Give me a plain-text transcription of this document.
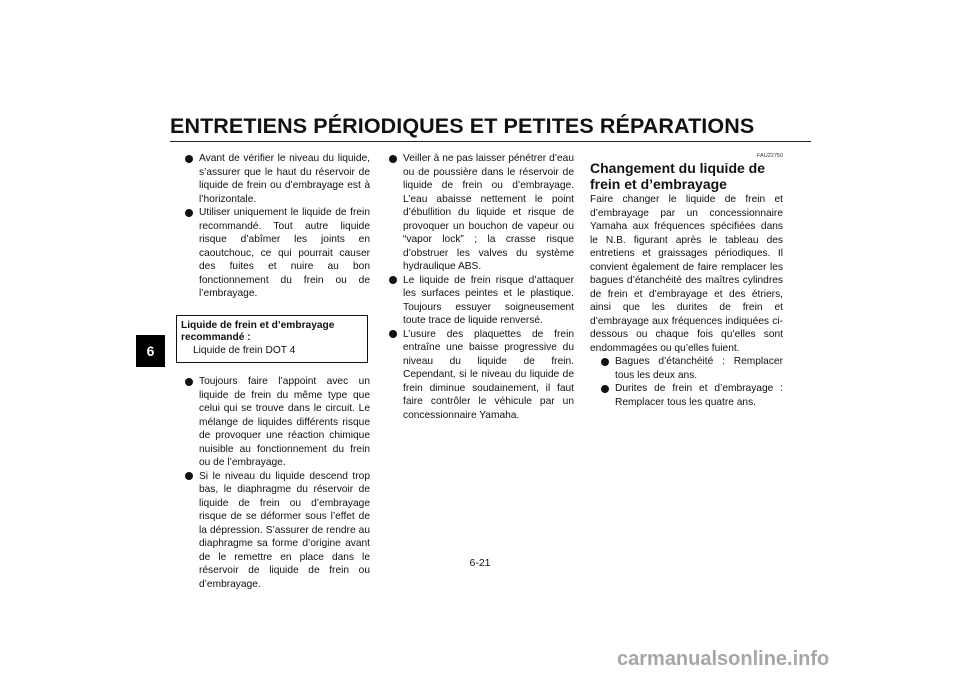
ENTRETIENS PÉRIODIQUES ET PETITES RÉPARATIONS
6
Avant de vérifier le niveau du liquide, s’assurer que le haut du réservoir de liquide de frein ou d’embrayage est à l’horizontale.
Utiliser uniquement le liquide de frein recommandé. Tout autre liquide risque d’abîmer les joints en caoutchouc, ce qui pourrait causer des fuites et nuire au bon fonctionnement du frein ou de l’embrayage.
Liquide de frein et d’embrayage recommandé :
Liquide de frein DOT 4
Toujours faire l’appoint avec un liquide de frein du même type que celui qui se trouve dans le circuit. Le mélange de liquides différents risque de provoquer une réaction chimique nuisible au fonctionnement du frein ou de l’embrayage.
Si le niveau du liquide descend trop bas, le diaphragme du réservoir de liquide de frein ou d’embrayage risque de se déformer sous l’effet de la dépression. S’assurer de rendre au diaphragme sa forme d’origine avant de le remettre en place dans le réservoir de liquide de frein ou d’embrayage.
Veiller à ne pas laisser pénétrer d’eau ou de poussière dans le réservoir de liquide de frein ou d’embrayage. L’eau abaisse nettement le point d’ébullition du liquide et risque de provoquer un bouchon de vapeur ou “vapor lock” ; la crasse risque d’obstruer les valves du système hydraulique ABS.
Le liquide de frein risque d’attaquer les surfaces peintes et le plastique. Toujours essuyer soigneusement toute trace de liquide renversé.
L’usure des plaquettes de frein entraîne une baisse progressive du niveau du liquide de frein. Cependant, si le niveau du liquide de frein diminue soudainement, il faut faire contrôler le véhicule par un concessionnaire Yamaha.
FAU22750
Changement du liquide de frein et d’embrayage
Faire changer le liquide de frein et d’embrayage par un concessionnaire Yamaha aux fréquences spécifiées dans le N.B. figurant après le tableau des entretiens et graissages périodiques. Il convient également de faire remplacer les bagues d’étanchéité des maîtres cylindres de frein et d’embrayage et des étriers, ainsi que les durites de frein et d’embrayage aux fréquences indiquées ci-dessous ou chaque fois qu’elles sont endommagées ou qu’elles fuient.
Bagues d’étanchéité : Remplacer tous les deux ans.
Durites de frein et d’embrayage : Remplacer tous les quatre ans.
6-21
carmanualsonline.info
